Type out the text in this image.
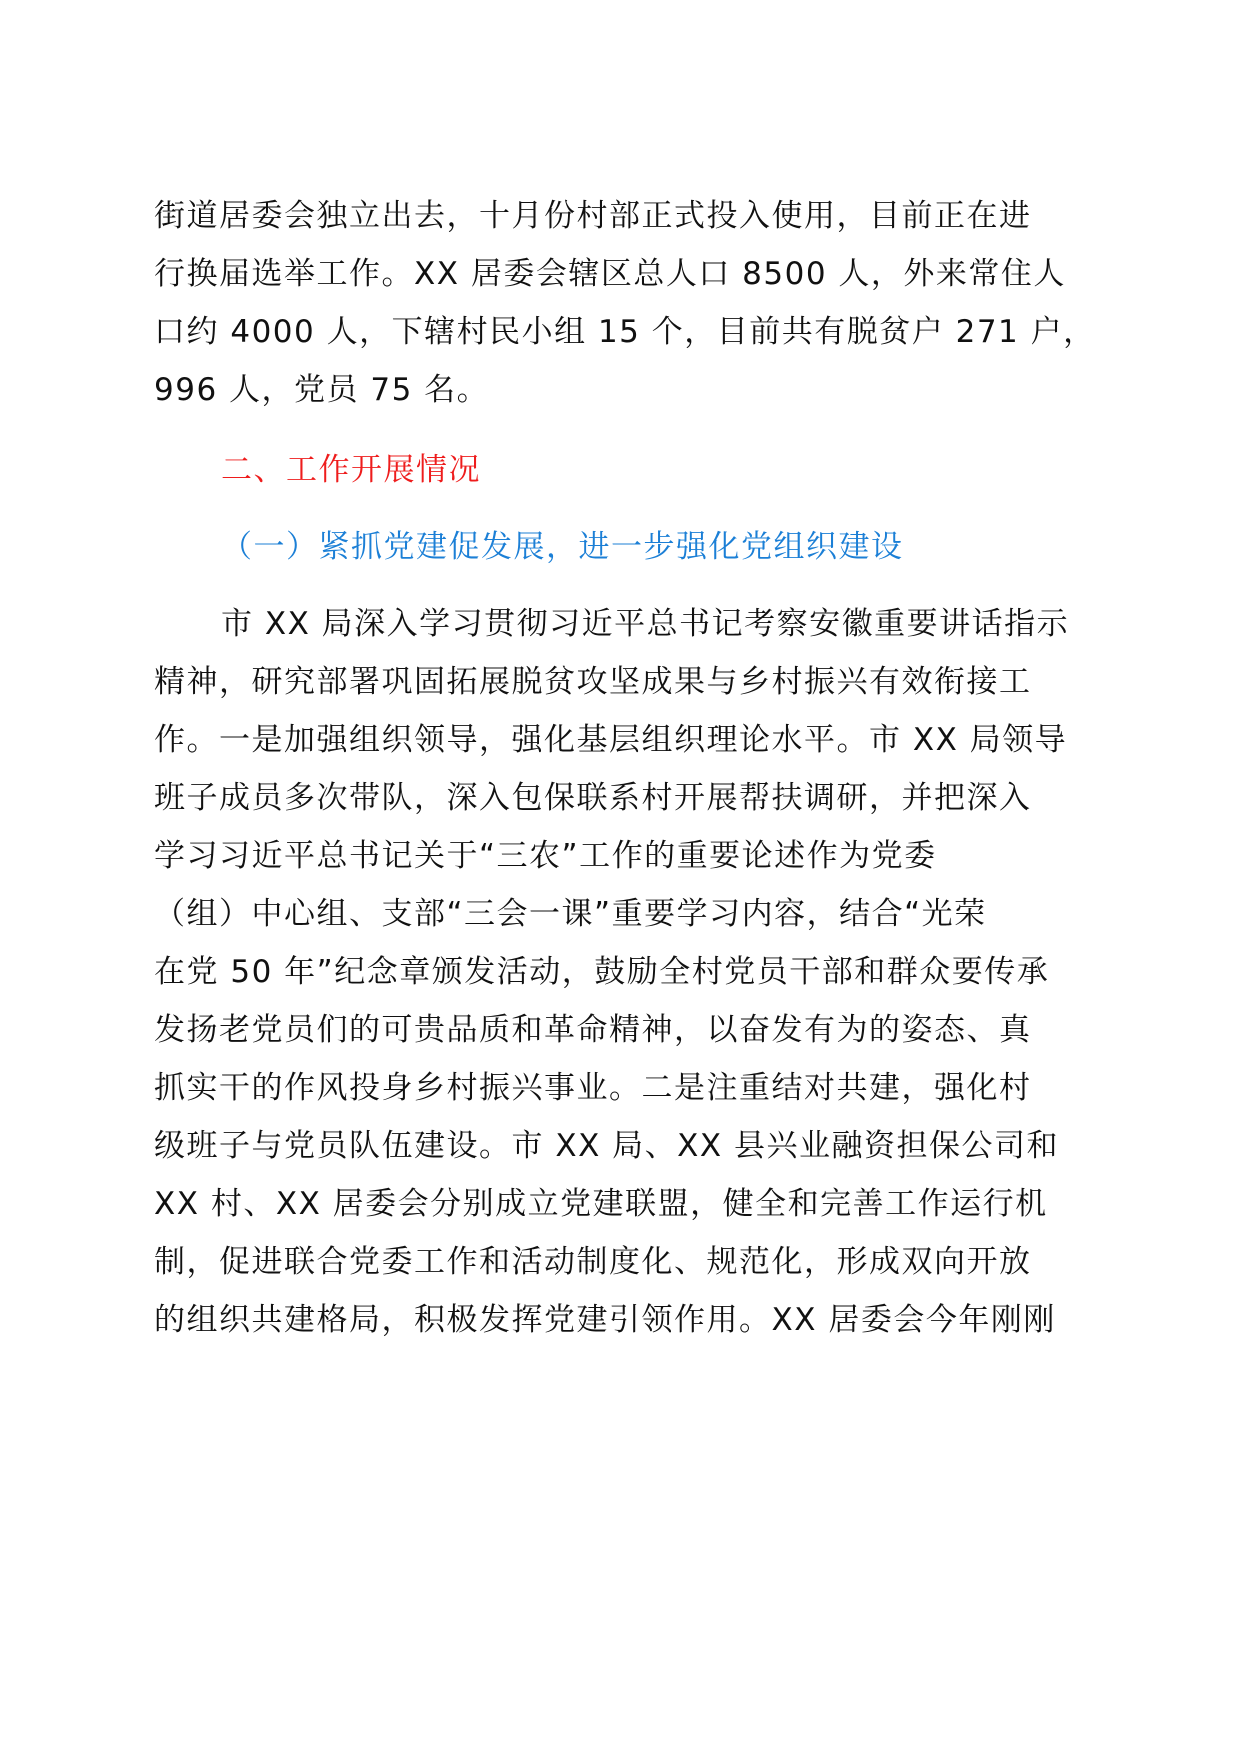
街道居委会独立出去，十月份村部正式投入使用，目前正在进
行换届选举工作。XX 居委会辖区总人口 8500 人，外来常住人
口约 4000 人，下辖村民小组 15 个，目前共有脱贫户 271 户，
996 人，党员 75 名。
二、工作开展情况
（一）紧抓党建促发展，进一步强化党组织建设
市 XX 局深入学习贯彻习近平总书记考察安徽重要讲话指示
精神，研究部署巩固拓展脱贫攻坚成果与乡村振兴有效衔接工
作。一是加强组织领导，强化基层组织理论水平。市 XX 局领导
班子成员多次带队，深入包保联系村开展帮扶调研，并把深入
学习习近平总书记关于“三农”工作的重要论述作为党委
（组）中心组、支部“三会一课”重要学习内容，结合“光荣
在党 50 年”纪念章颁发活动，鼓励全村党员干部和群众要传承
发扬老党员们的可贵品质和革命精神，以奋发有为的姿态、真
抓实干的作风投身乡村振兴事业。二是注重结对共建，强化村
级班子与党员队伍建设。市 XX 局、XX 县兴业融资担保公司和
XX 村、XX 居委会分别成立党建联盟，健全和完善工作运行机
制，促进联合党委工作和活动制度化、规范化，形成双向开放
的组织共建格局，积极发挥党建引领作用。XX 居委会今年刚刚
